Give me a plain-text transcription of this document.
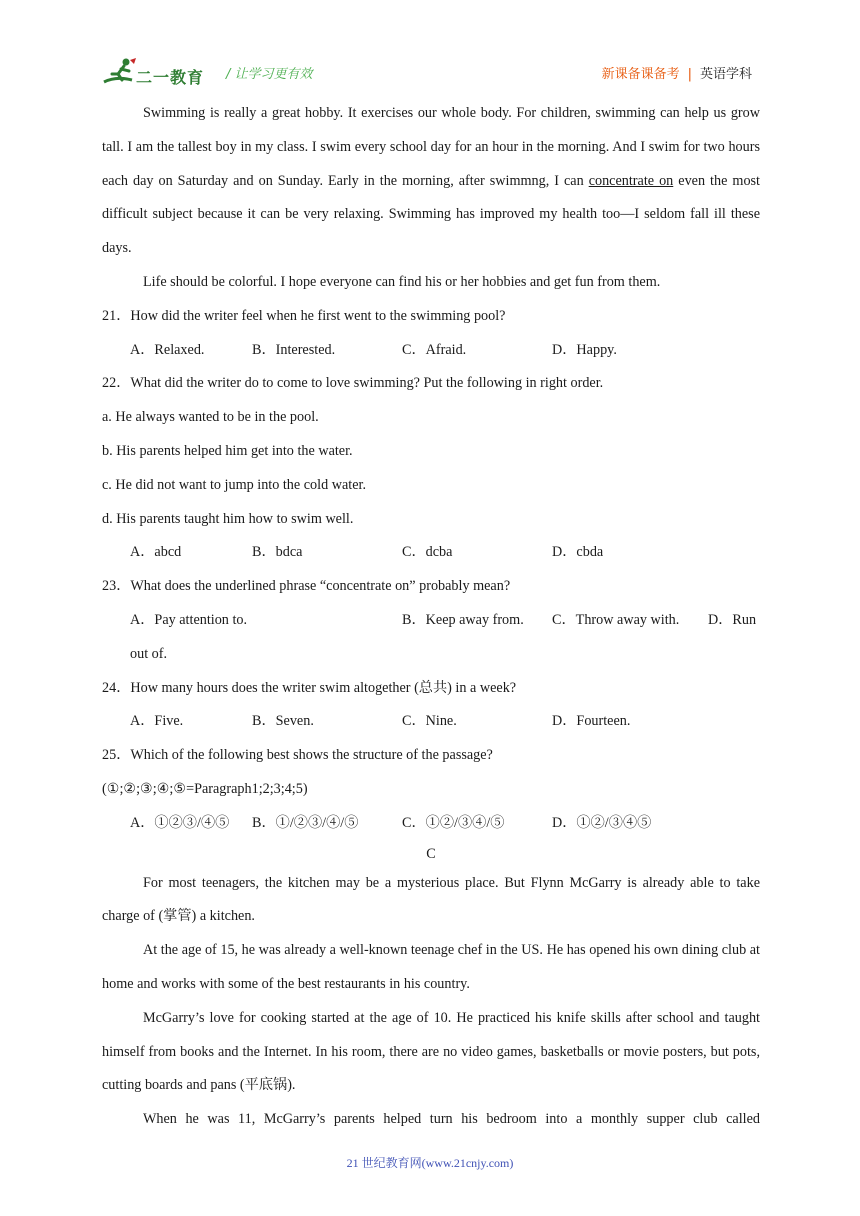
二一教育 / 让学习更有效	新课备课备考 | 英语学科

Swimming is really a great hobby. It exercises our whole body. For children, swimming can help us grow tall. I am the tallest boy in my class. I swim every school day for an hour in the morning. And I swim for two hours each day on Saturday and on Sunday. Early in the morning, after swimmng, I can concentrate on even the most difficult subject because it can be very relaxing. Swimming has improved my health too—I seldom fall ill these days.

Life should be colorful. I hope everyone can find his or her hobbies and get fun from them.

21．How did the writer feel when he first went to the swimming pool?

A．Relaxed.	B．Interested.	C．Afraid.	D．Happy.

22．What did the writer do to come to love swimming? Put the following in right order.

a. He always wanted to be in the pool.

b. His parents helped him get into the water.

c. He did not want to jump into the cold water.

d. His parents taught him how to swim well.

A．abcd	B．bdca	C．dcba	D．cbda

23．What does the underlined phrase “concentrate on” probably mean?

A．Pay attention to.	B．Keep away from.	C．Throw away with.	D．Run

out of.

24．How many hours does the writer swim altogether (总共) in a week?

A．Five.	B．Seven.	C．Nine.	D．Fourteen.

25．Which of the following best shows the structure of the passage?

(①;②;③;④;⑤=Paragraph1;2;3;4;5)

A．①②③/④⑤	B．①/②③/④/⑤	C．①②/③④/⑤	D．①②/③④⑤

C

For most teenagers, the kitchen may be a mysterious place. But Flynn McGarry is already able to take charge of (掌管) a kitchen.

At the age of 15, he was already a well-known teenage chef in the US. He has opened his own dining club at home and works with some of the best restaurants in his country.

McGarry’s love for cooking started at the age of 10. He practiced his knife skills after school and taught himself from books and the Internet. In his room, there are no video games, basketballs or movie posters, but pots, cutting boards and pans (平底锅).

When he was 11, McGarry’s parents helped turn his bedroom into a monthly supper club called

21 世纪教育网(www.21cnjy.com)
